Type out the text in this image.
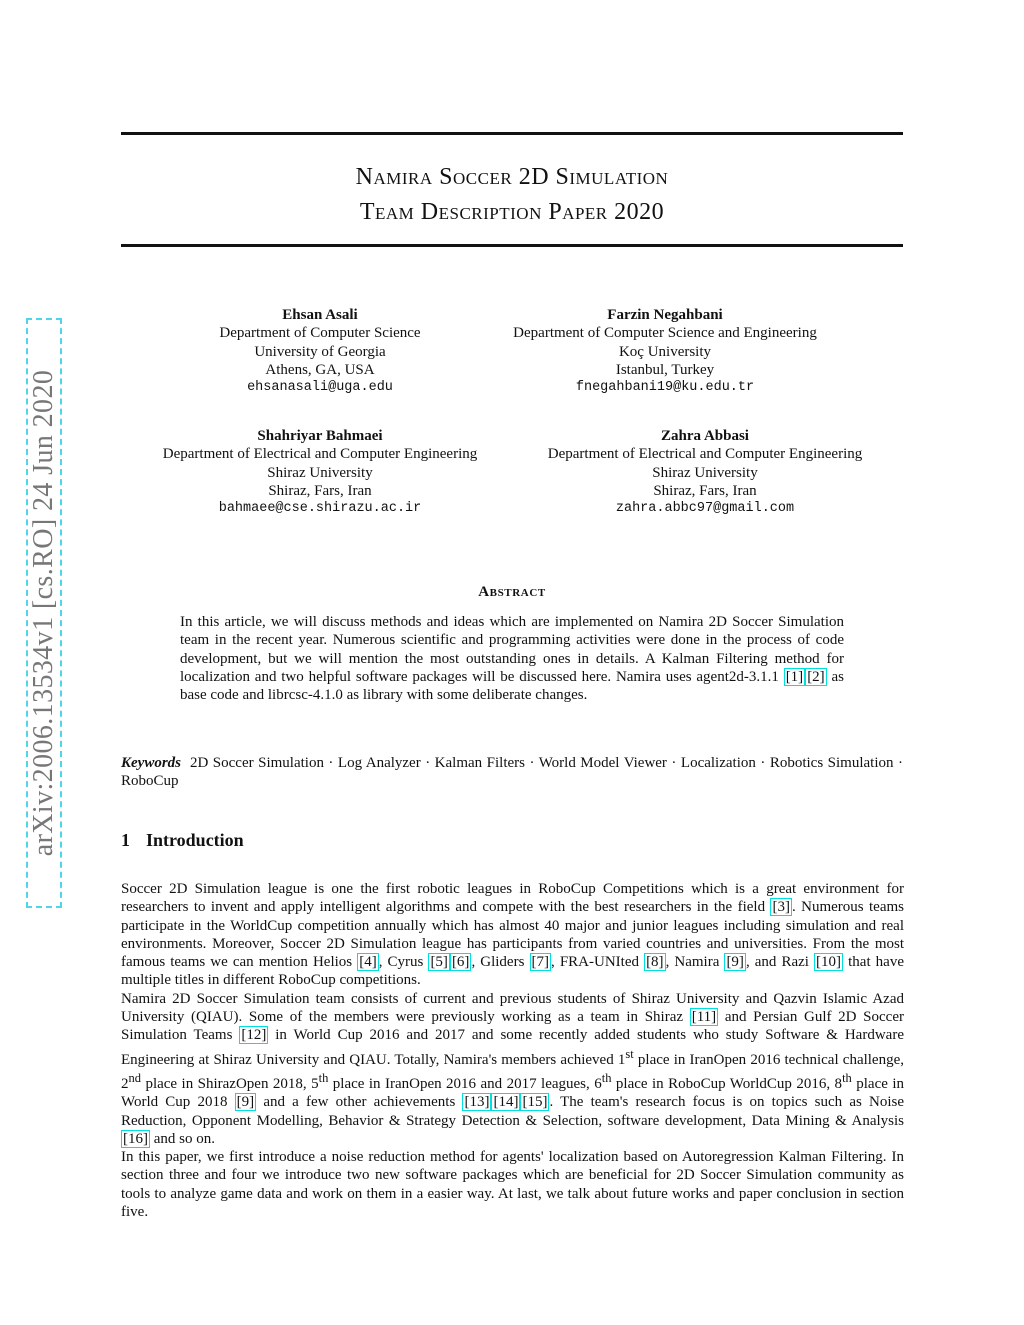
Namira Soccer 2D Simulation
Team Description Paper 2020
Ehsan Asali
Department of Computer Science
University of Georgia
Athens, GA, USA
ehsanasali@uga.edu
Farzin Negahbani
Department of Computer Science and Engineering
Koç University
Istanbul, Turkey
fnegahbani19@ku.edu.tr
Shahriyar Bahmaei
Department of Electrical and Computer Engineering
Shiraz University
Shiraz, Fars, Iran
bahmaee@cse.shirazu.ac.ir
Zahra Abbasi
Department of Electrical and Computer Engineering
Shiraz University
Shiraz, Fars, Iran
zahra.abbc97@gmail.com
Abstract
In this article, we will discuss methods and ideas which are implemented on Namira 2D Soccer Simulation team in the recent year. Numerous scientific and programming activities were done in the process of code development, but we will mention the most outstanding ones in details. A Kalman Filtering method for localization and two helpful software packages will be discussed here. Namira uses agent2d-3.1.1 [1] [2] as base code and librcsc-4.1.0 as library with some deliberate changes.
Keywords 2D Soccer Simulation · Log Analyzer · Kalman Filters · World Model Viewer · Localization · Robotics Simulation · RoboCup
1 Introduction

Soccer 2D Simulation league is one the first robotic leagues in RoboCup Competitions which is a great environment for researchers to invent and apply intelligent algorithms and compete with the best researchers in the field [3] . Numerous teams participate in the WorldCup competition annually which has almost 40 major and junior leagues including simulation and real environments. Moreover, Soccer 2D Simulation league has participants from varied countries and universities. From the most famous teams we can mention Helios [4] , Cyrus [5] [6] , Gliders [7] , FRA-UNIted [8] , Namira [9] , and Razi [10] that have multiple titles in different RoboCup competitions.

Namira 2D Soccer Simulation team consists of current and previous students of Shiraz University and Qazvin Islamic Azad University (QIAU). Some of the members were previously working as a team in Shiraz [11] and Persian Gulf 2D Soccer Simulation Teams [12] in World Cup 2016 and 2017 and some recently added students who study Software & Hardware Engineering at Shiraz University and QIAU. Totally, Namira's members achieved 1st place in IranOpen 2016 technical challenge, 2nd place in ShirazOpen 2018, 5th place in IranOpen 2016 and 2017 leagues, 6th place in RoboCup WorldCup 2016, 8th place in World Cup 2018 [9] and a few other achievements [13] [14] [15] . The team's research focus is on topics such as Noise Reduction, Opponent Modelling, Behavior & Strategy Detection & Selection, software development, Data Mining & Analysis [16] and so on.

In this paper, we first introduce a noise reduction method for agents' localization based on Autoregression Kalman Filtering. In section three and four we introduce two new software packages which are beneficial for 2D Soccer Simulation community as tools to analyze game data and work on them in a easier way. At last, we talk about future works and paper conclusion in section five.

arXiv:2006.13534v1 [cs.RO] 24 Jun 2020
